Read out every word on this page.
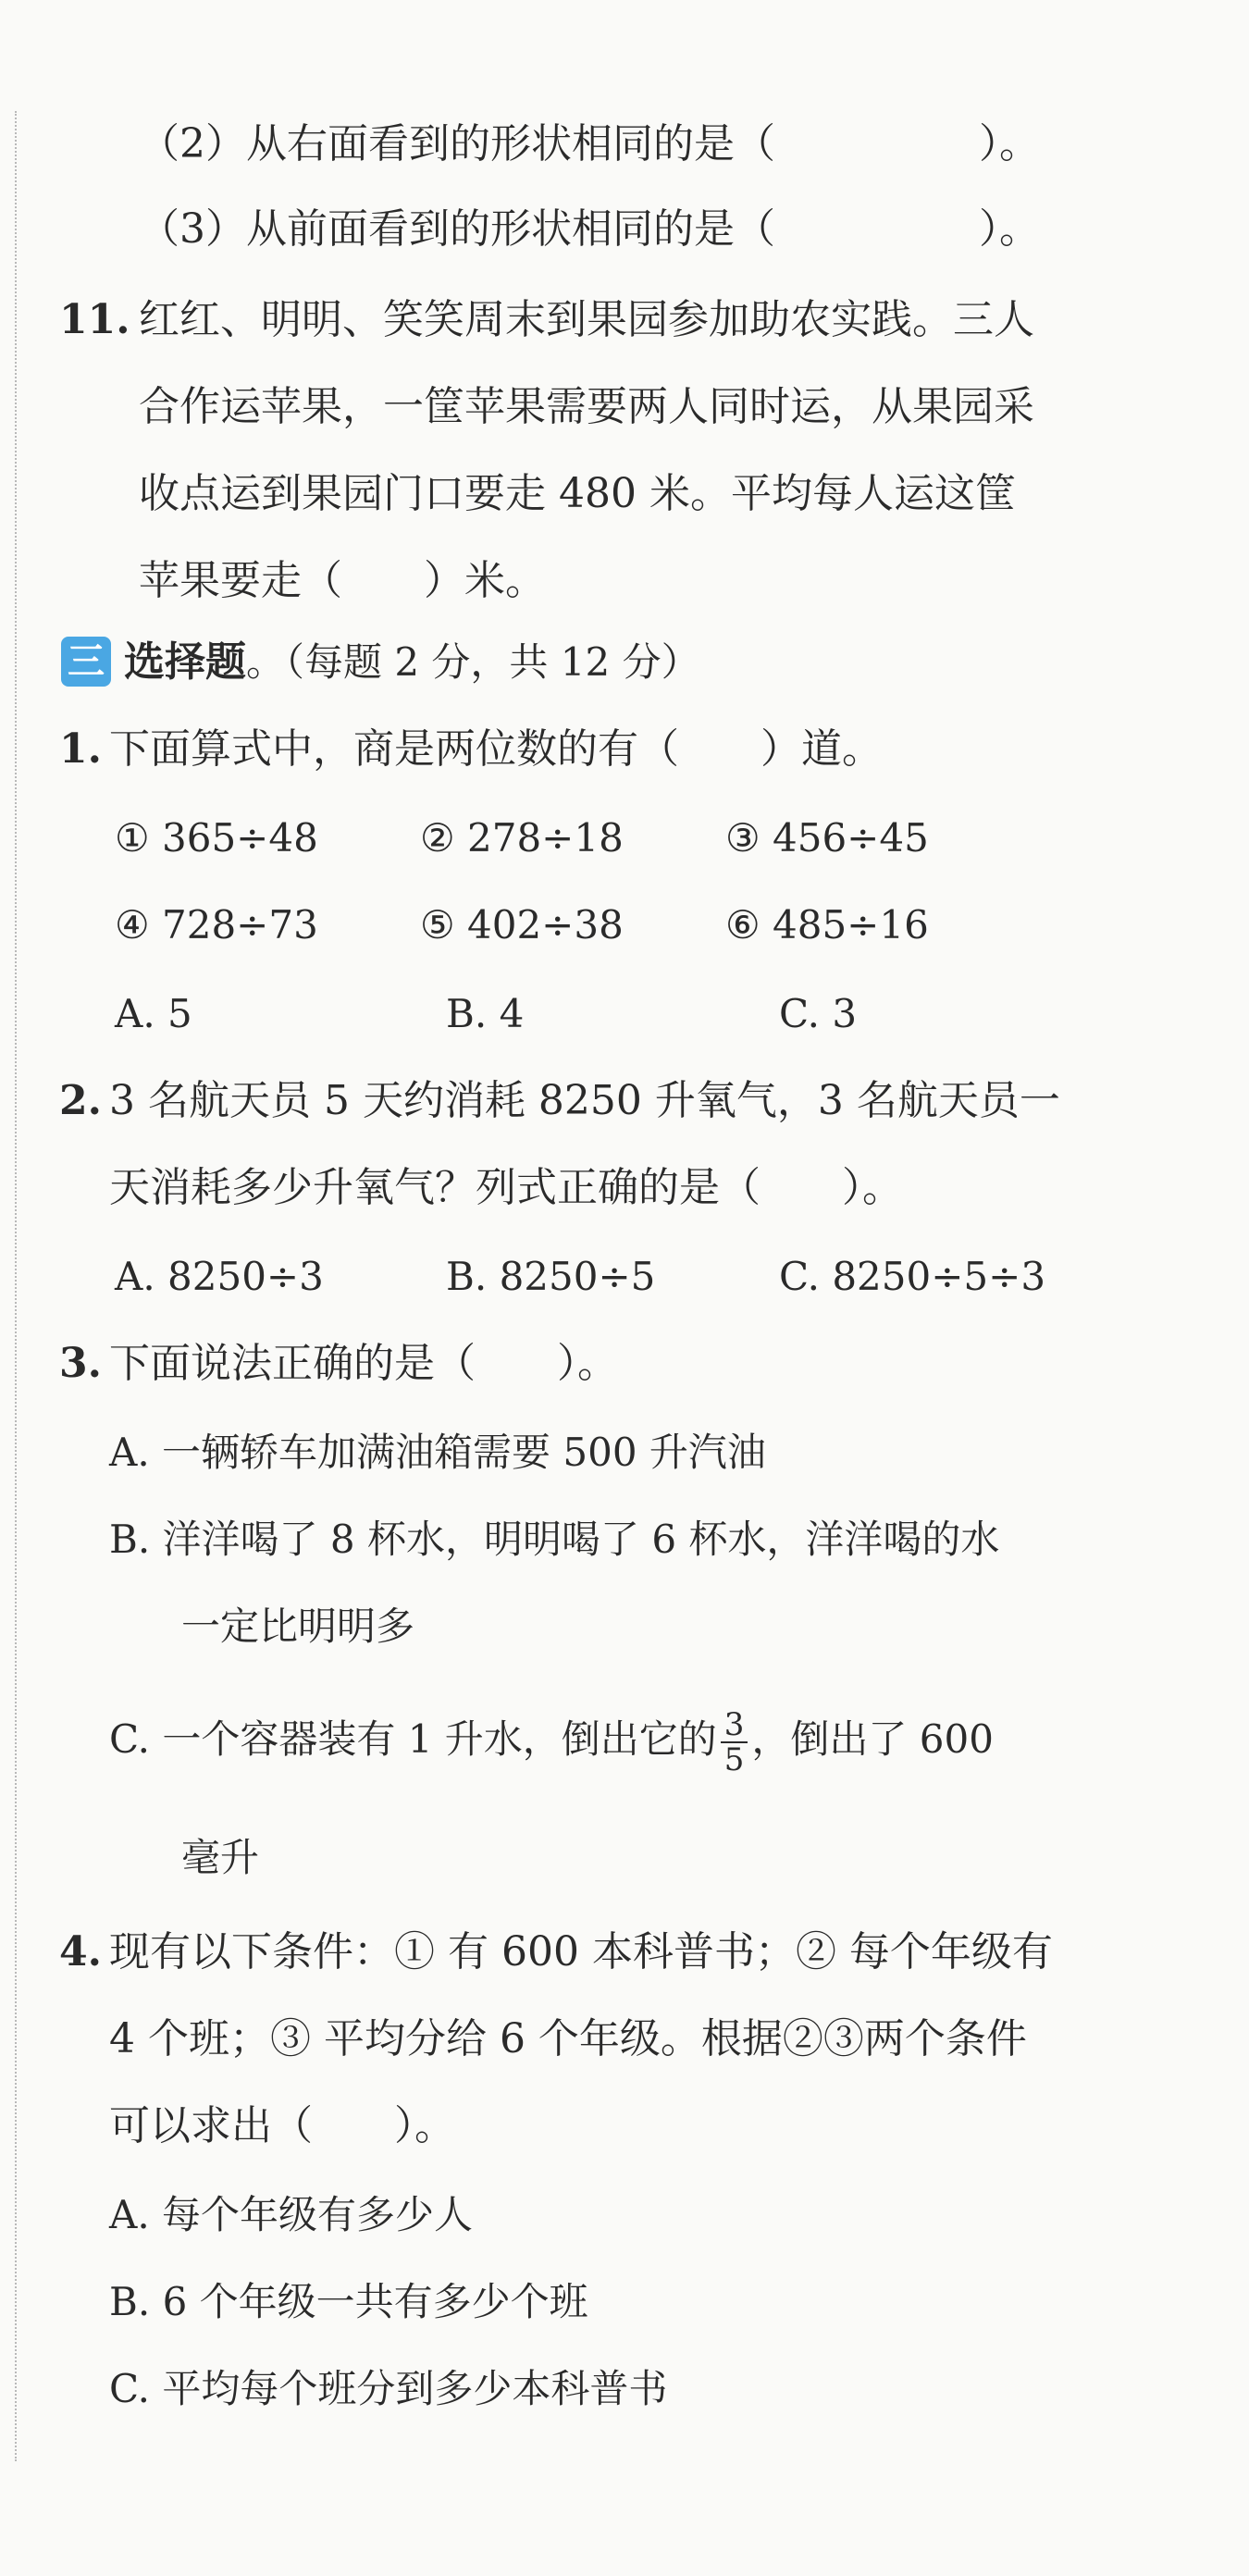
（2）从右面看到的形状相同的是（　　　　　）。
（3）从前面看到的形状相同的是（　　　　　）。
11. 红红、明明、笑笑周末到果园参加助农实践。三人
合作运苹果，一筐苹果需要两人同时运，从果园采
收点运到果园门口要走 480 米。平均每人运这筐
苹果要走（　　）米。
三 选择题。（每题 2 分，共 12 分）
1. 下面算式中，商是两位数的有（　　）道。
① 365÷48	② 278÷18	③ 456÷45
④ 728÷73	⑤ 402÷38	⑥ 485÷16
A. 5	B. 4	C. 3
2. 3 名航天员 5 天约消耗 8250 升氧气，3 名航天员一
天消耗多少升氧气？列式正确的是（　　）。
A. 8250÷3	B. 8250÷5	C. 8250÷5÷3
3. 下面说法正确的是（　　）。
A. 一辆轿车加满油箱需要 500 升汽油
B. 洋洋喝了 8 杯水，明明喝了 6 杯水，洋洋喝的水
一定比明明多
C. 一个容器装有 1 升水，倒出它的 $\frac{3}{5}$ ，倒出了 600
毫升
4. 现有以下条件：① 有 600 本科普书；② 每个年级有
4 个班；③ 平均分给 6 个年级。根据②③两个条件
可以求出（　　）。
A. 每个年级有多少人
B. 6 个年级一共有多少个班
C. 平均每个班分到多少本科普书
